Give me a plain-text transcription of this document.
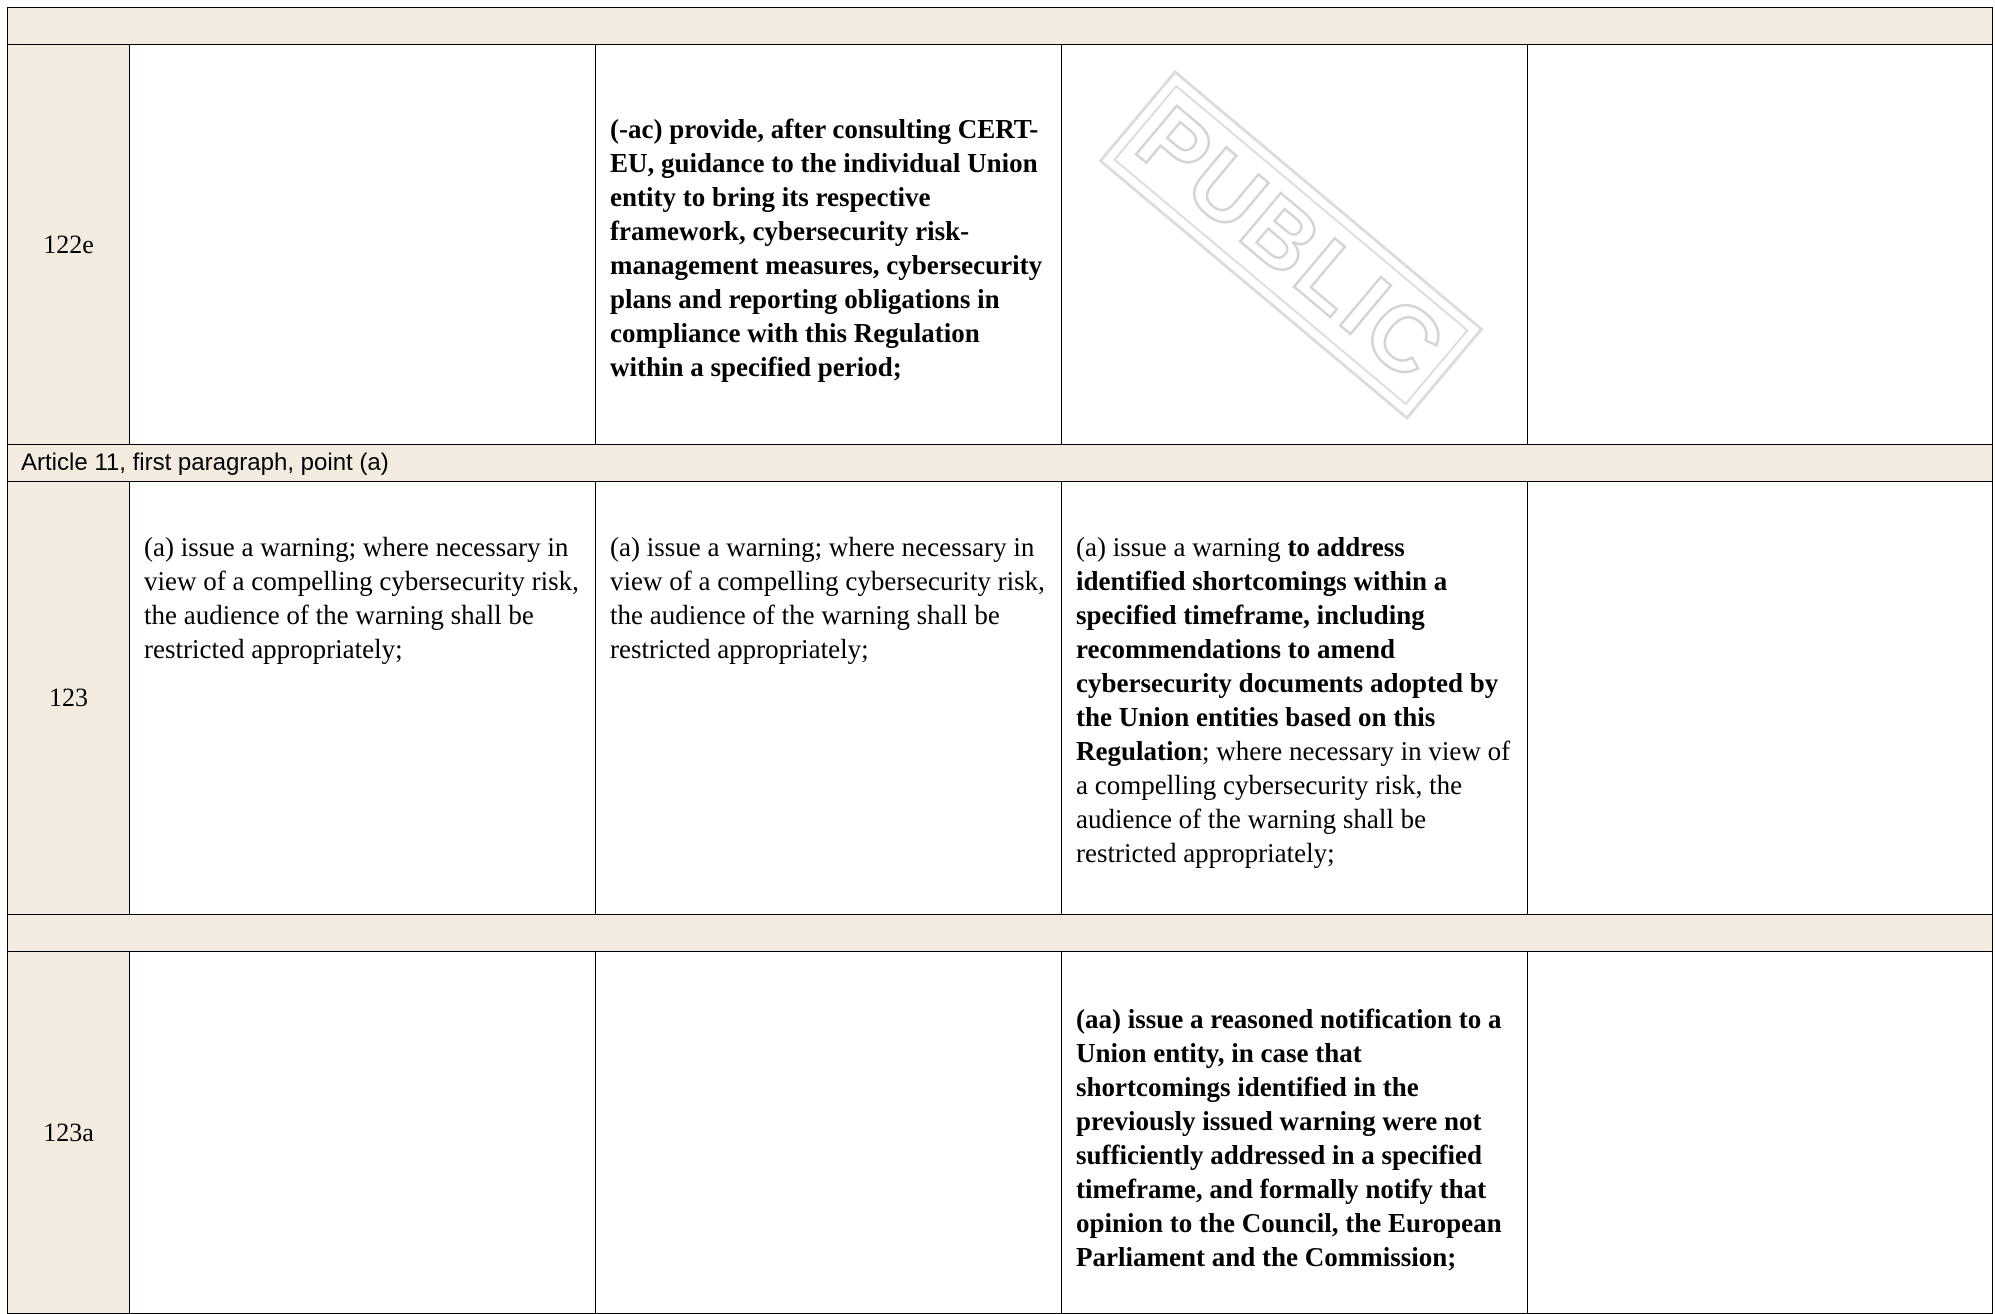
122e		(-ac) provide, after consulting CERT-EU, guidance to the individual Union entity to bring its respective framework, cybersecurity risk-management measures, cybersecurity plans and reporting obligations in compliance with this Regulation within a specified period;	PUBLIC	

Article 11, first paragraph, point (a)				
123	(a) issue a warning; where necessary in view of a compelling cybersecurity risk, the audience of the warning shall be restricted appropriately;	(a) issue a warning; where necessary in view of a compelling cybersecurity risk, the audience of the warning shall be restricted appropriately;	(a) issue a warning to address identified shortcomings within a specified timeframe, including recommendations to amend cybersecurity documents adopted by the Union entities based on this Regulation; where necessary in view of a compelling cybersecurity risk, the audience of the warning shall be restricted appropriately;	

123a			(aa) issue a reasoned notification to a Union entity, in case that shortcomings identified in the previously issued warning were not sufficiently addressed in a specified timeframe, and formally notify that opinion to the Council, the European Parliament and the Commission;	
